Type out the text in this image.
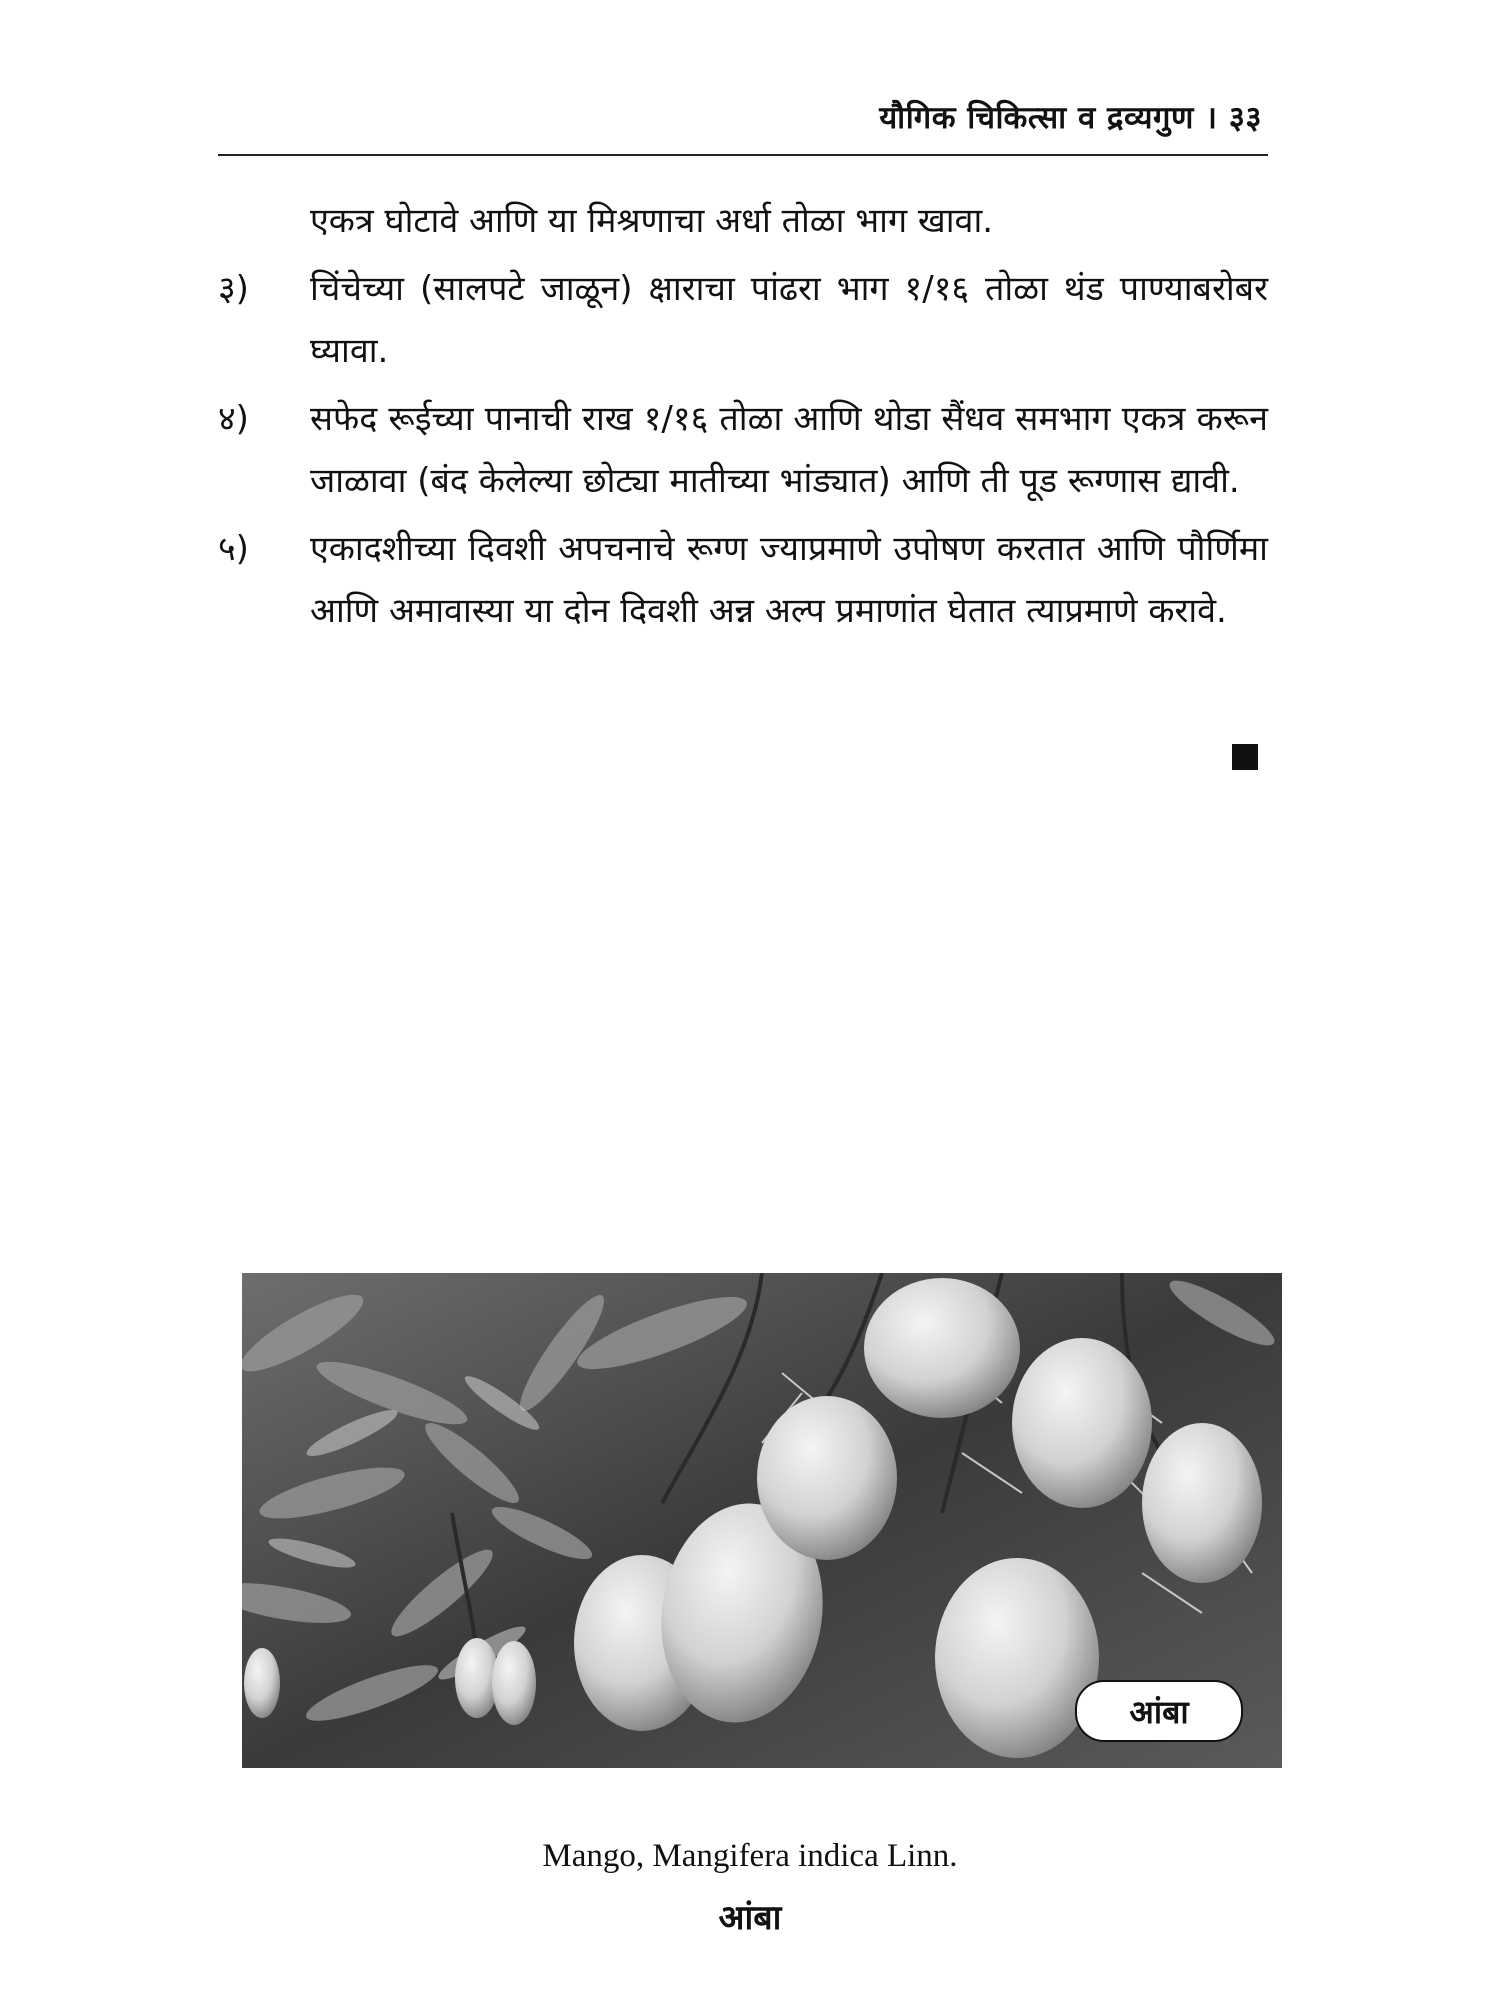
यौगिक चिकित्सा व द्रव्यगुण । ३३
एकत्र घोटावे आणि या मिश्रणाचा अर्धा तोळा भाग खावा.
३)	चिंचेच्या (सालपटे जाळून) क्षाराचा पांढरा भाग १/१६ तोळा थंड पाण्याबरोबर घ्यावा.
४)	सफेद रूईच्या पानाची राख १/१६ तोळा आणि थोडा सैंधव समभाग एकत्र करून जाळावा (बंद केलेल्या छोट्या मातीच्या भांड्यात) आणि ती पूड रूग्णास द्यावी.
५)	एकादशीच्या दिवशी अपचनाचे रूग्ण ज्याप्रमाणे उपोषण करतात आणि पौर्णिमा आणि अमावास्या या दोन दिवशी अन्न अल्प प्रमाणांत घेतात त्याप्रमाणे करावे.
आंबा
Mango, Mangifera indica Linn.
आंबा
